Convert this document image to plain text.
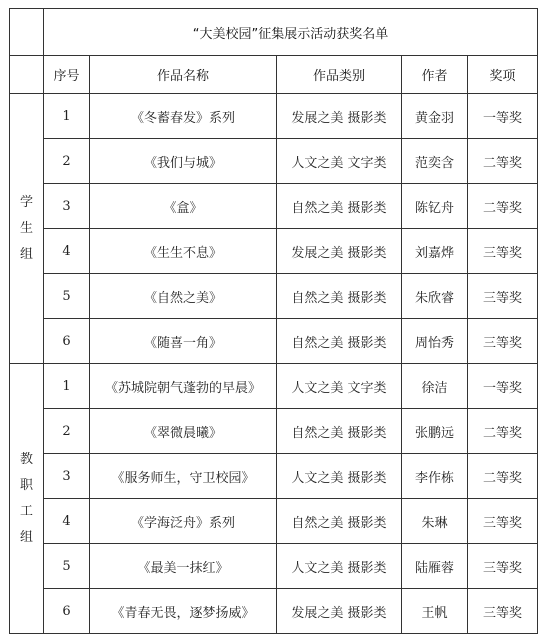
	“大美校园”征集展示活动获奖名单				
	序号	作品名称	作品类别	作者	奖项

学
生
组	1	《冬蓄春发》系列	发展之美 摄影类	黄金羽	一等奖
	2	《我们与城》	人文之美 文字类	范奕含	二等奖
	3	《盒》	自然之美 摄影类	陈钇舟	二等奖
	4	《生生不息》	发展之美 摄影类	刘嘉烨	三等奖
	5	《自然之美》	自然之美 摄影类	朱欣睿	三等奖
	6	《随喜一角》	自然之美 摄影类	周怡秀	三等奖

教
职
工
组	1	《苏城院朝气蓬勃的早晨》	人文之美 文字类	徐洁	一等奖
	2	《翠微晨曦》	自然之美 摄影类	张鹏远	二等奖
	3	《服务师生，守卫校园》	人文之美 摄影类	李作栋	二等奖
	4	《学海泛舟》系列	自然之美 摄影类	朱琳	三等奖
	5	《最美一抹红》	人文之美 摄影类	陆雁蓉	三等奖
	6	《青春无畏，逐梦扬威》	发展之美 摄影类	王帆	三等奖
